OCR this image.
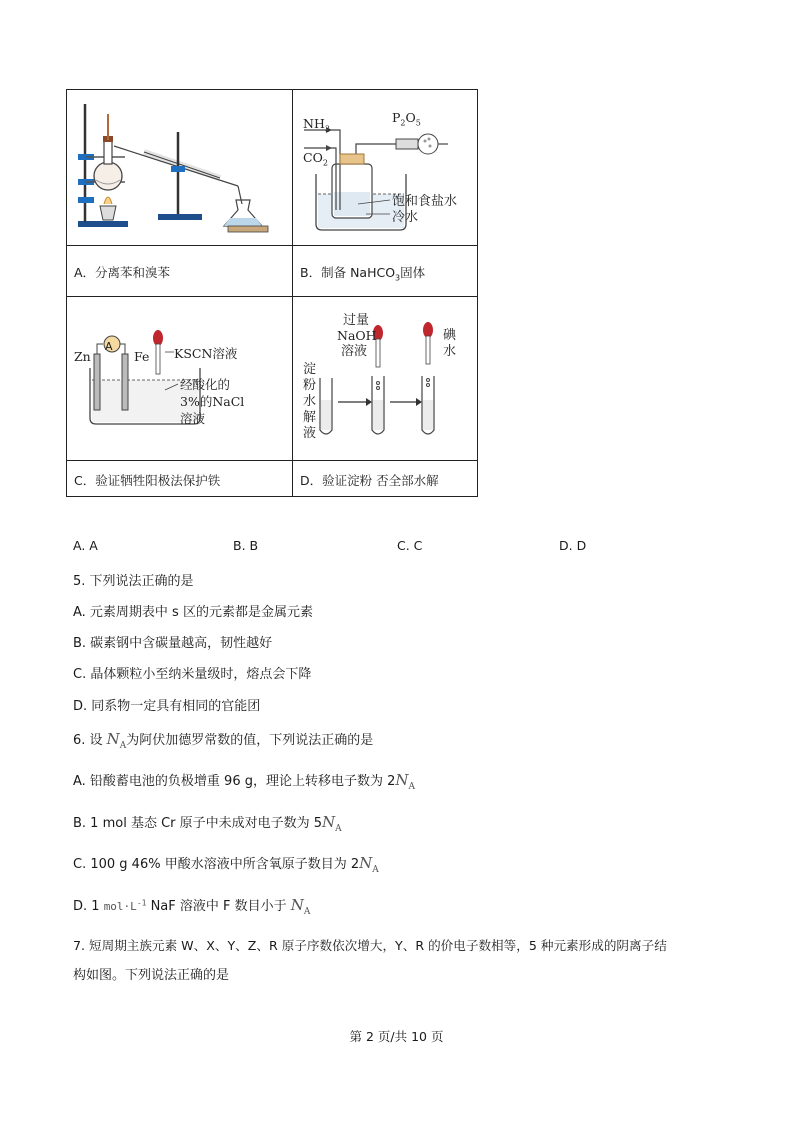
A．分离苯和溴苯
$NH_3$
$CO_2$
$P_2O_5$
饱和食盐水
冷水
B．制备 NaHCO$_3$固体
A
Zn	Fe KSCN溶液
经酸化的
3%的NaCl
溶液
C．验证牺牲阳极法保护铁
过量
NaOH
溶液
碘
水
淀
粉
水
解
液
D．验证淀粉 否全部水解
A. A	B. B	C. C	D. D
5. 下列说法正确的是
A. 元素周期表中 s 区的元素都是金属元素
B. 碳素钢中含碳量越高，韧性越好
C. 晶体颗粒小至纳米量级时，熔点会下降
D. 同系物一定具有相同的官能团
6. 设 $N_A$为阿伏加德罗常数的值，下列说法正确的是
A. 铅酸蓄电池的负极增重 96 g，理论上转移电子数为 $2N_A$
B. 1 mol 基态 Cr 原子中未成对电子数为 $5N_A$
C. 100 g 46% 甲酸水溶液中所含氧原子数目为 $2N_A$
D. 1 $mol\cdot L^{-1}$ NaF 溶液中 F 数目小于 $N_A$
7. 短周期主族元素 W、X、Y、Z、R 原子序数依次增大，Y、R 的价电子数相等，5 种元素形成的阴离子结
构如图。下列说法正确的是
第 2 页/共 10 页
